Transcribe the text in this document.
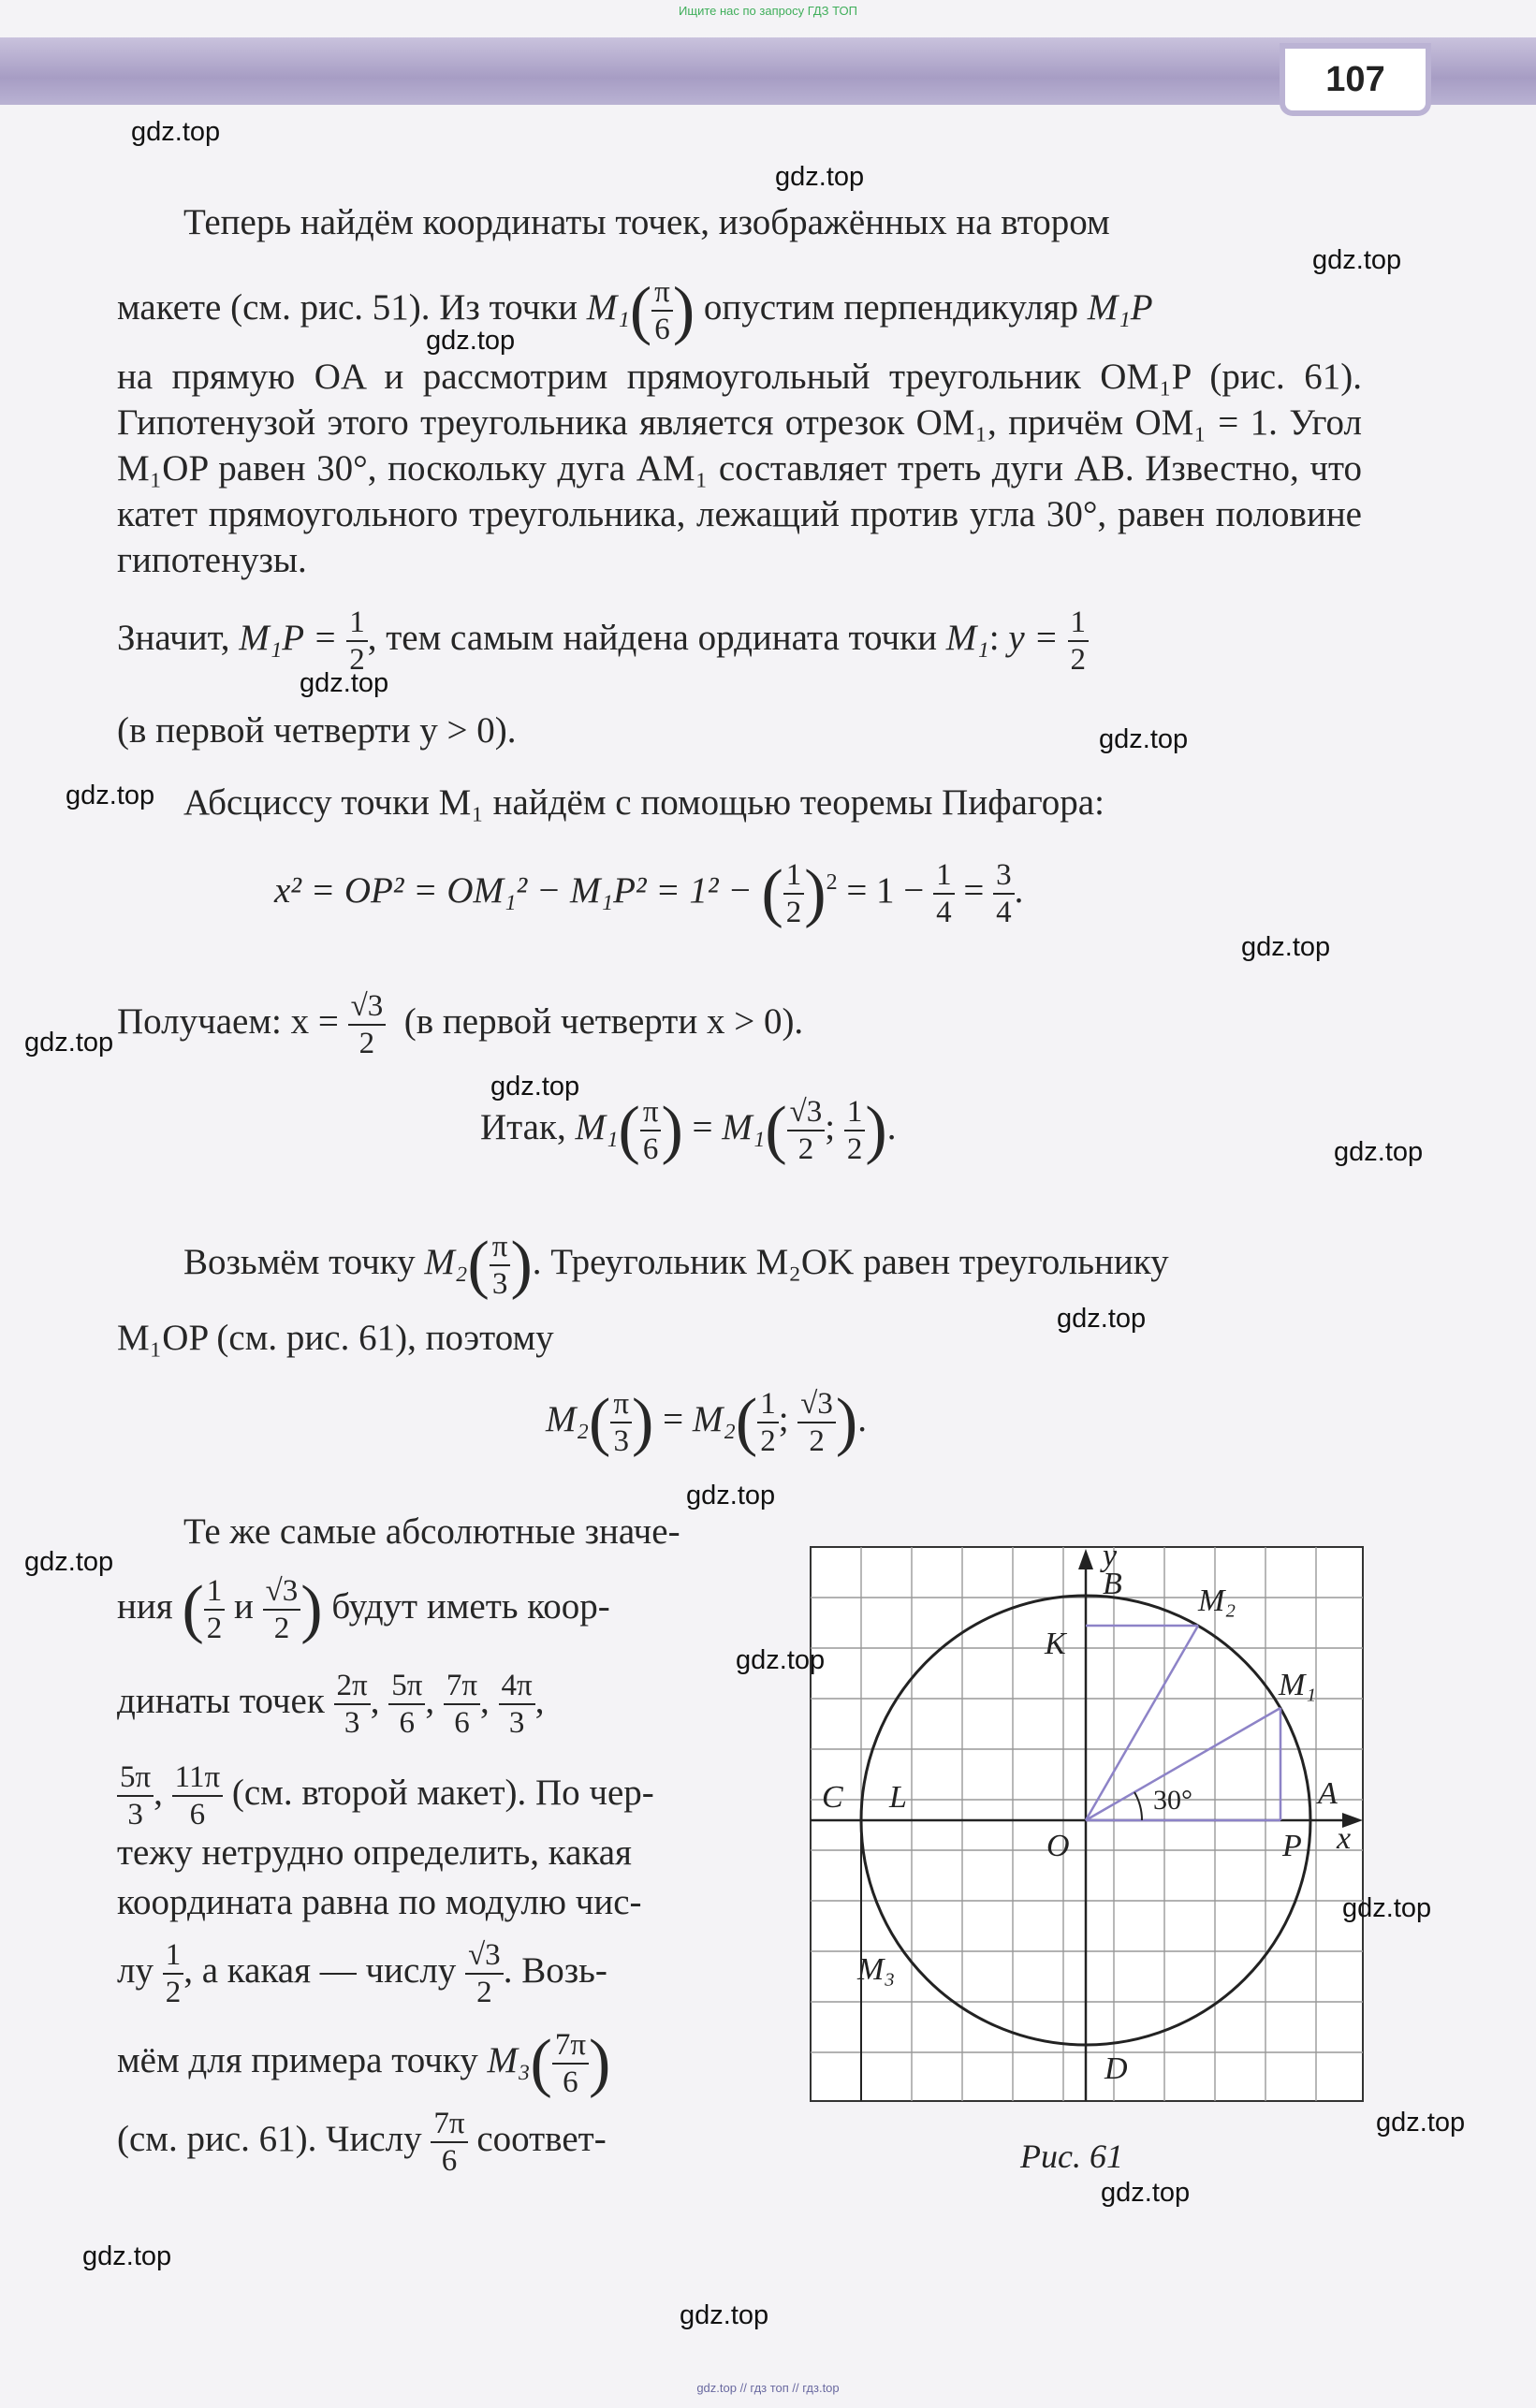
Ищите нас по запросу ГДЗ ТОП
107
Теперь найдём координаты точек, изображённых на втором
макете (см. рис. 51). Из точки $M_1( \frac{\pi}{6}$ ) опустим перпендикуляр M₁P
на прямую OA и рассмотрим прямоугольный треугольник OM₁P (рис. 61). Гипотенузой этого треугольника является отрезок OM₁, причём OM₁ = 1. Угол M₁OP равен 30°, поскольку дуга AM₁ составляет треть дуги AB. Известно, что катет прямоугольного треугольника, лежащий против угла 30°, равен половине гипотенузы.
Значит, $M_1P = \frac{1}{2}$ , тем самым найдена ордината точки M₁: $y = \frac{1}{2}$
(в первой четверти y > 0).
Абсциссу точки M₁ найдём с помощью теоремы Пифагора:
x² = OP² = OM₁² − M₁P² = 1² − ( $\frac{1}{2} )^2 = 1 - \frac{1}{4} = \frac{3}{4}$ .
Получаем: $x = \frac{√3}{2} (в$ первой четверти x > 0).
Итак, $M_1( \frac{\pi}{6}$ ) = $M_1( \frac{√3}{2}$ ; $\frac{1}{2}$ ).
Возьмём точку $M_2( \frac{\pi}{3}$ ). Треугольник M₂OK равен треугольнику
M₁OP (см. рис. 61), поэтому
$M_2( \frac{\pi}{3}$ ) = $M_2( \frac{1}{2}$ ; $\frac{√3}{2}$ ).
Те же самые абсолютные значе-
ния ( $\frac{1}{2}$ и $\frac{√3}{2}$ ) будут иметь коор-
динаты точек $\frac{2\pi}{3}$ , $\frac{5\pi}{6}$ , $\frac{7\pi}{6}$ , $\frac{4\pi}{3}$ ,
$\frac{5\pi}{3}$ , $\frac{11\pi}{6} (см$. второй макет). По чер-
тежу нетрудно определить, какая
координата равна по модулю чис-
лу $\frac{1}{2}$ , а какая — числу $\frac{√3}{2}$ . Возь-
мём для примера точку $M_3( \frac{7\pi}{6}$ )
(см. рис. 61). Числу $\frac{7\pi}{6}$ соответ-
y
x
B
K
M₂
M₁
C L
O
A
P
M₃
D
30°
Рис. 61
gdz.top
gdz.top
gdz.top
gdz.top
gdz.top
gdz.top
gdz.top
gdz.top
gdz.top
gdz.top
gdz.top
gdz.top
gdz.top
gdz.top
gdz.top
gdz.top
gdz.top
gdz.top
gdz.top
gdz.top
gdz.top // гдз топ // гдз.top
